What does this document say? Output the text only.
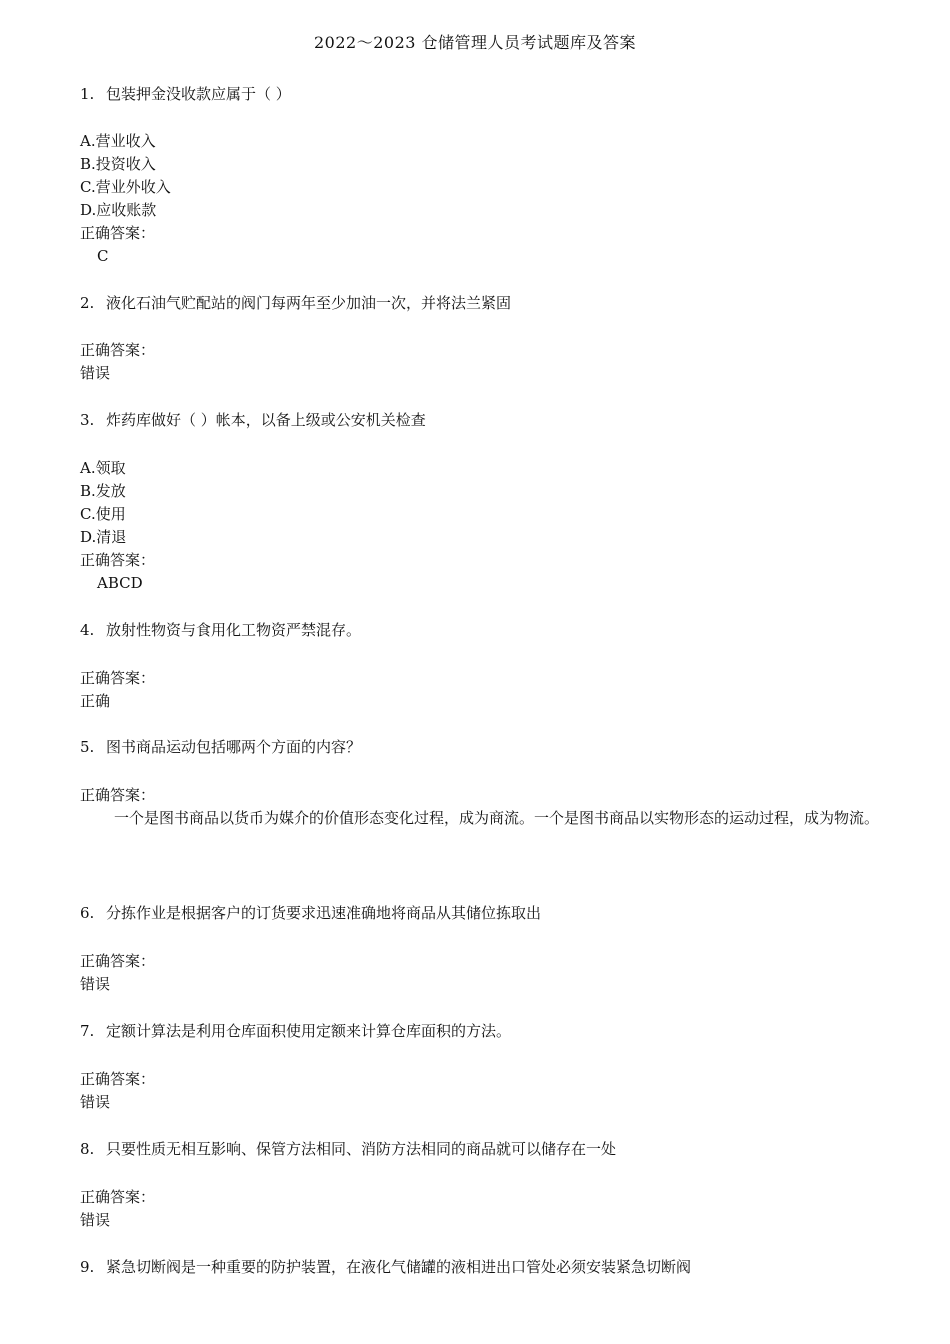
2022～2023 仓储管理人员考试题库及答案
1. 包装押金没收款应属于（ ）
A.营业收入
B.投资收入
C.营业外收入
D.应收账款
正确答案：
C
2. 液化石油气贮配站的阀门每两年至少加油一次，并将法兰紧固
正确答案：
错误
3. 炸药库做好（ ）帐本，以备上级或公安机关检查
A.领取
B.发放
C.使用
D.清退
正确答案：
ABCD
4. 放射性物资与食用化工物资严禁混存。
正确答案：
正确
5. 图书商品运动包括哪两个方面的内容？
正确答案：
一个是图书商品以货币为媒介的价值形态变化过程，成为商流。一个是图书商品以实物形态的运动过程，成为物流。
6. 分拣作业是根据客户的订货要求迅速准确地将商品从其储位拣取出
正确答案：
错误
7. 定额计算法是利用仓库面积使用定额来计算仓库面积的方法。
正确答案：
错误
8. 只要性质无相互影响、保管方法相同、消防方法相同的商品就可以储存在一处
正确答案：
错误
9. 紧急切断阀是一种重要的防护装置，在液化气储罐的液相进出口管处必须安装紧急切断阀
